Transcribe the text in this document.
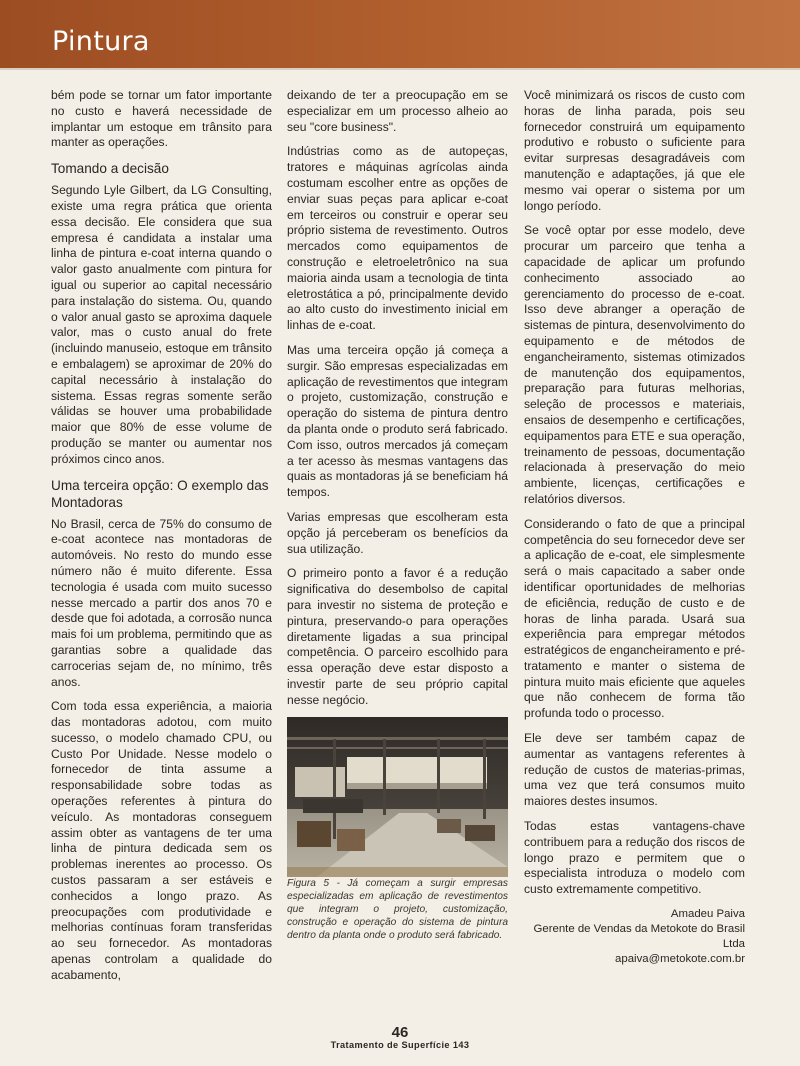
Pintura

bém pode se tornar um fator importante no custo e haverá necessidade de implantar um estoque em trânsito para manter as operações.

Tomando a decisão

Segundo Lyle Gilbert, da LG Consulting, existe uma regra prática que orienta essa decisão. Ele considera que sua empresa é candidata a instalar uma linha de pintura e-coat interna quando o valor gasto anualmente com pintura for igual ou superior ao capital necessário para instalação do sistema. Ou, quando o valor anual gasto se aproxima daquele valor, mas o custo anual do frete (incluindo manuseio, estoque em trânsito e embalagem) se aproximar de 20% do capital necessário à instalação do sistema. Essas regras somente serão válidas se houver uma probabilidade maior que 80% de esse volume de produção se manter ou aumentar nos próximos cinco anos.

Uma terceira opção: O exemplo das Montadoras

No Brasil, cerca de 75% do consumo de e-coat acontece nas montadoras de automóveis. No resto do mundo esse número não é muito diferente. Essa tecnologia é usada com muito sucesso nesse mercado a partir dos anos 70 e desde que foi adotada, a corrosão nunca mais foi um problema, permitindo que as garantias sobre a qualidade das carrocerias sejam de, no mínimo, três anos.

Com toda essa experiência, a maioria das montadoras adotou, com muito sucesso, o modelo chamado CPU, ou Custo Por Unidade. Nesse modelo o fornecedor de tinta assume a responsabilidade sobre todas as operações referentes à pintura do veículo. As montadoras conseguem assim obter as vantagens de ter uma linha de pintura dedicada sem os problemas inerentes ao processo. Os custos passaram a ser estáveis e conhecidos a longo prazo. As preocupações com produtividade e melhorias contínuas foram transferidas ao seu fornecedor. As montadoras apenas controlam a qualidade do acabamento,

deixando de ter a preocupação em se especializar em um processo alheio ao seu "core business".

Indústrias como as de autopeças, tratores e máquinas agrícolas ainda costumam escolher entre as opções de enviar suas peças para aplicar e-coat em terceiros ou construir e operar seu próprio sistema de revestimento. Outros mercados como equipamentos de construção e eletroeletrônico na sua maioria ainda usam a tecnologia de tinta eletrostática a pó, principalmente devido ao alto custo do investimento inicial em linhas de e-coat.

Mas uma terceira opção já começa a surgir. São empresas especializadas em aplicação de revestimentos que integram o projeto, customização, construção e operação do sistema de pintura dentro da planta onde o produto será fabricado. Com isso, outros mercados já começam a ter acesso às mesmas vantagens das quais as montadoras já se beneficiam há tempos.

Varias empresas que escolheram esta opção já perceberam os benefícios da sua utilização.

O primeiro ponto a favor é a redução significativa do desembolso de capital para investir no sistema de proteção e pintura, preservando-o para operações diretamente ligadas a sua principal competência. O parceiro escolhido para essa operação deve estar disposto a investir parte de seu próprio capital nesse negócio.

Figura 5 - Já começam a surgir empresas especializadas em aplicação de revestimentos que integram o projeto, customização, construção e operação do sistema de pintura dentro da planta onde o produto será fabricado.

Você minimizará os riscos de custo com horas de linha parada, pois seu fornecedor construirá um equipamento produtivo e robusto o suficiente para evitar surpresas desagradáveis com manutenção e adaptações, já que ele mesmo vai operar o sistema por um longo período.

Se você optar por esse modelo, deve procurar um parceiro que tenha a capacidade de aplicar um profundo conhecimento associado ao gerenciamento do processo de e-coat. Isso deve abranger a operação de sistemas de pintura, desenvolvimento do equipamento e de métodos de engancheiramento, sistemas otimizados de manutenção dos equipamentos, preparação para futuras melhorias, seleção de processos e materiais, ensaios de desempenho e certificações, equipamentos para ETE e sua operação, treinamento de pessoas, documentação relacionada à preservação do meio ambiente, licenças, certificações e relatórios diversos.

Considerando o fato de que a principal competência do seu fornecedor deve ser a aplicação de e-coat, ele simplesmente será o mais capacitado a saber onde identificar oportunidades de melhorias de eficiência, redução de custo e de horas de linha parada. Usará sua experiência para empregar métodos estratégicos de engancheiramento e pré-tratamento e manter o sistema de pintura muito mais eficiente que aqueles que não conhecem de forma tão profunda todo o processo.

Ele deve ser também capaz de aumentar as vantagens referentes à redução de custos de materias-primas, uma vez que terá consumos muito maiores destes insumos.

Todas estas vantagens-chave contribuem para a redução dos riscos de longo prazo e permitem que o especialista introduza o modelo com custo extremamente competitivo.

Amadeu Paiva
Gerente de Vendas da Metokote do Brasil Ltda
apaiva@metokote.com.br
46
Tratamento de Superfície 143
